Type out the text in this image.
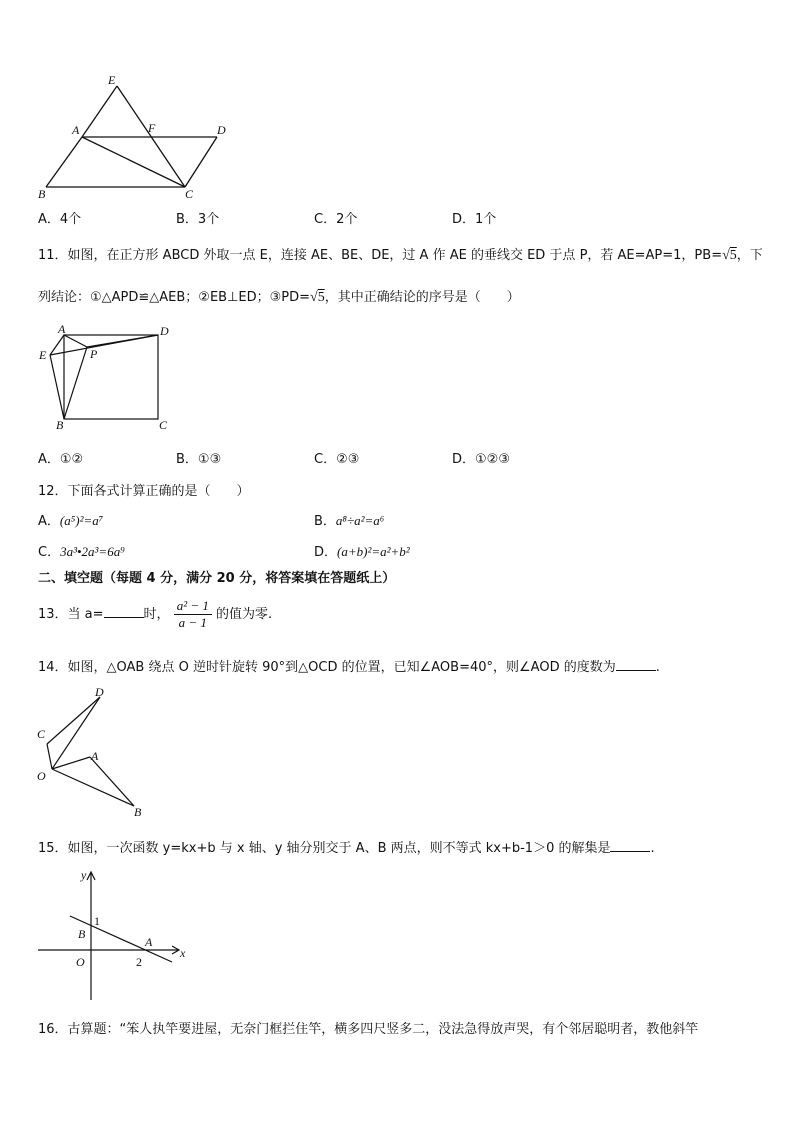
E
A	F	D
B	C
A．4个	B．3个	C．2个	D．1个
11．如图，在正方形 ABCD 外取一点 E，连接 AE、BE、DE，过 A 作 AE 的垂线交 ED 于点 P，若 AE=AP=1，PB=√5，下
列结论：①△APD≌△AEB；②EB⊥ED；③PD=√5，其中正确结论的序号是（　　）
A	D
E	P
B	C
A．①②	B．①③	C．②③	D．①②③
12．下面各式计算正确的是（　　）
A．(a⁵)²=a⁷	B．a⁸÷a²=a⁶
C．3a³•2a³=6a⁹	D．(a+b)²=a²+b²
二、填空题（每题 4 分，满分 20 分，将答案填在答题纸上）
13．当 a=	时， $\frac{\text{a² − 1}}{a - 1}$ 的值为零.
14．如图，△OAB 绕点 O 逆时针旋转 90°到△OCD 的位置，已知∠AOB=40°，则∠AOD 的度数为	.
D
C
A
O
B
15．如图，一次函数 y=kx+b 与 x 轴、y 轴分别交于 A、B 两点，则不等式 kx+b-1＞0 的解集是	.
y
x
1
B
A
O	2
16．古算题：“笨人执竿要进屋，无奈门框拦住竿，横多四尺竖多二，没法急得放声哭，有个邻居聪明者，教他斜竿
